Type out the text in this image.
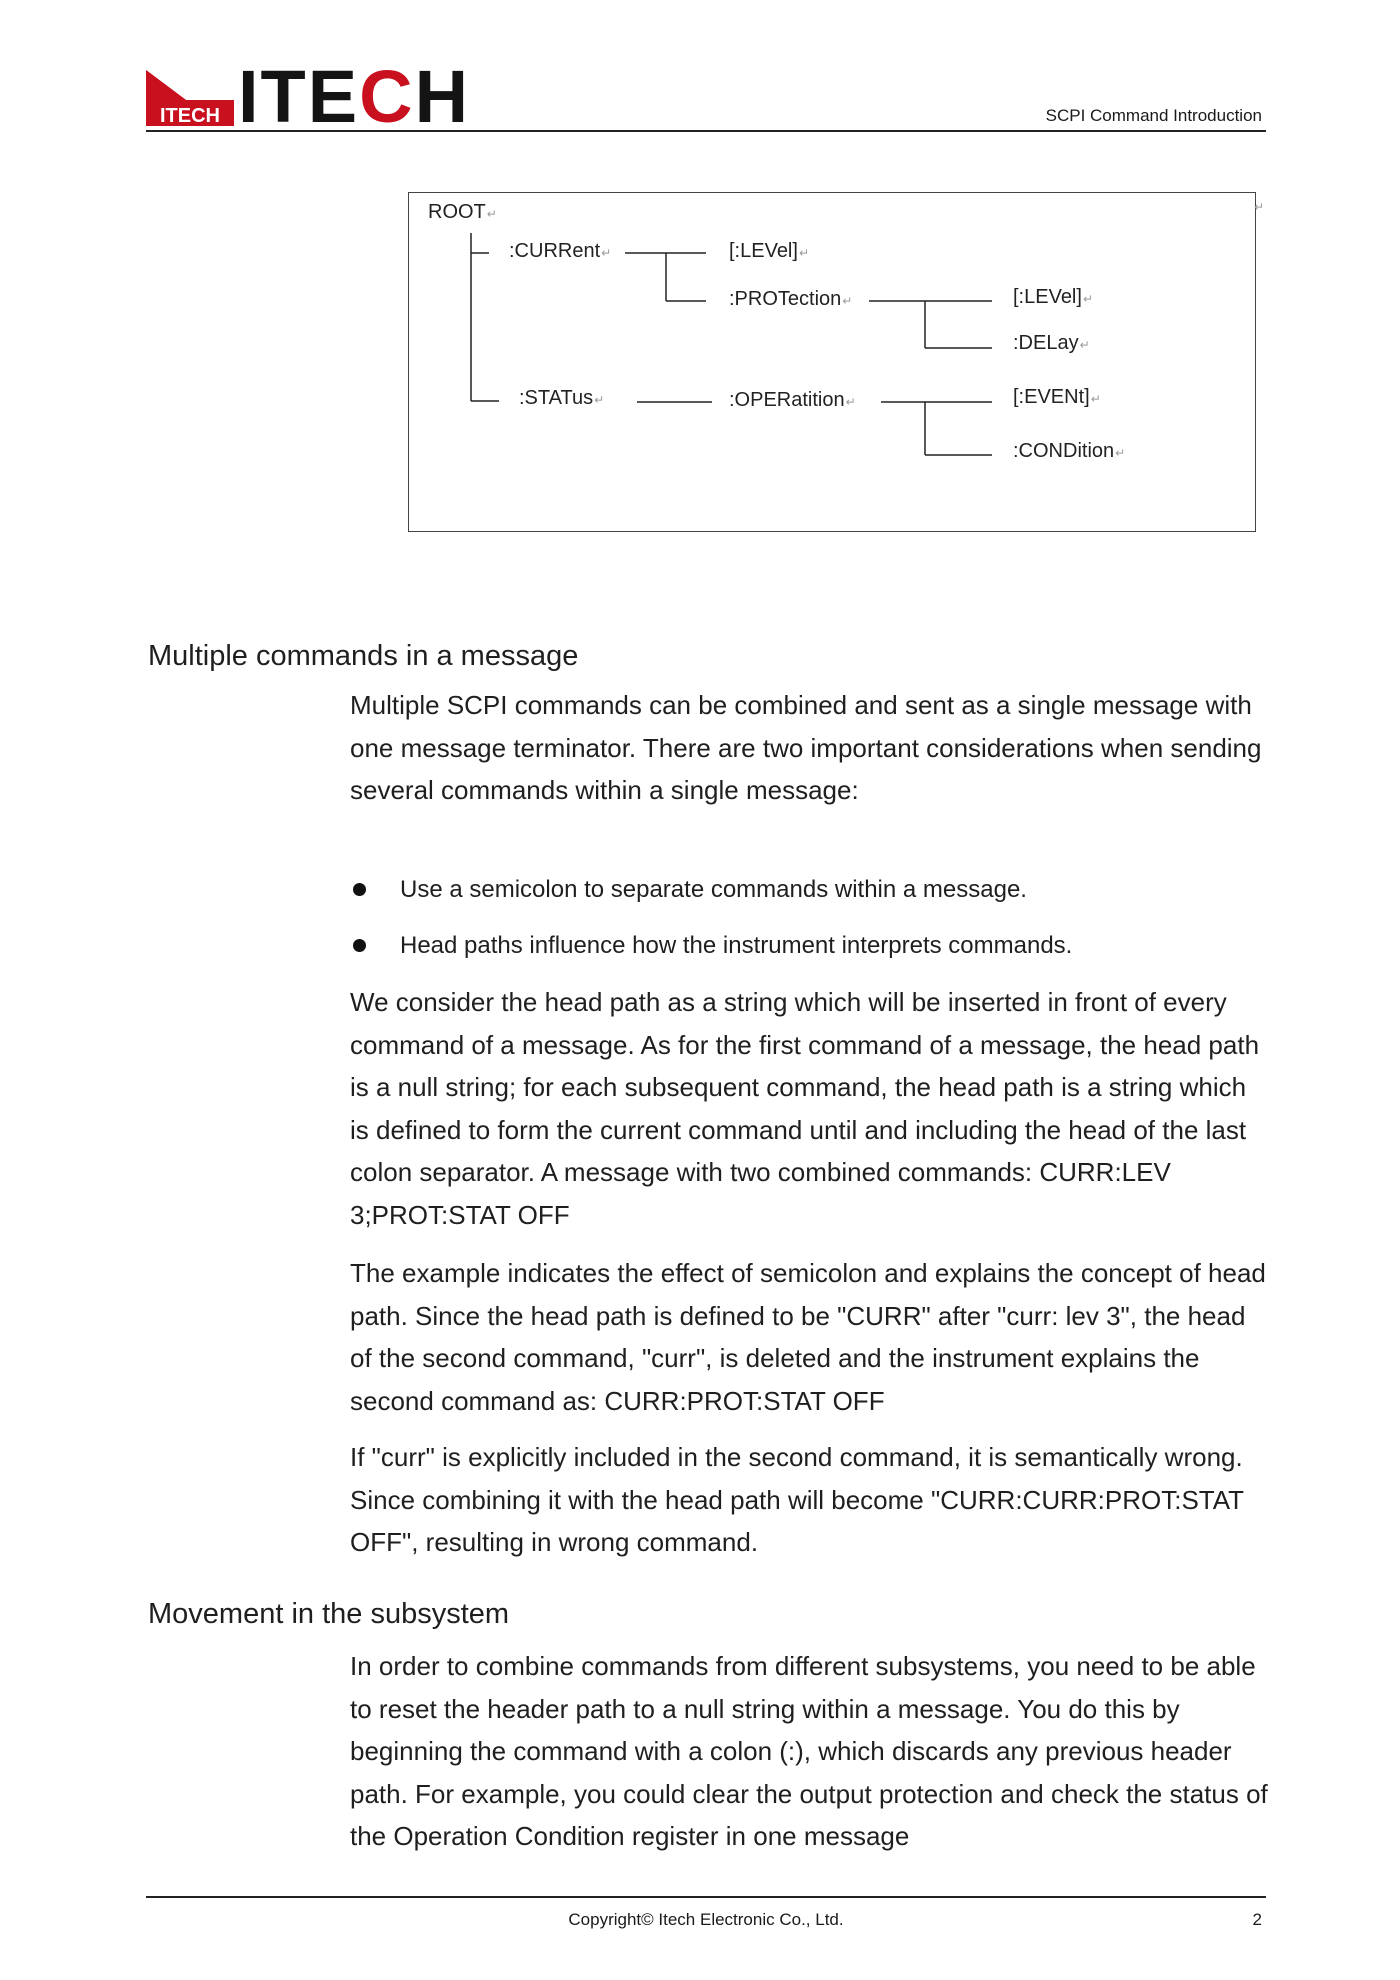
ITECH ITECH	SCPI Command Introduction
ROOT↵
:CURRent↵	[:LEVel]↵
:PROTection↵	[:LEVel]↵
:DELay↵
:STATus↵	:OPERatition↵	[:EVENt]↵
:CONDition↵
↵
Multiple commands in a message

Multiple SCPI commands can be combined and sent as a single message with one message terminator. There are two important considerations when sending several commands within a single message:

Use a semicolon to separate commands within a message.
Head paths influence how the instrument interprets commands.

We consider the head path as a string which will be inserted in front of every command of a message. As for the first command of a message, the head path is a null string; for each subsequent command, the head path is a string which is defined to form the current command until and including the head of the last colon separator. A message with two combined commands: CURR:LEV 3;PROT:STAT OFF

The example indicates the effect of semicolon and explains the concept of head path. Since the head path is defined to be "CURR" after "curr: lev 3", the head of the second command, "curr", is deleted and the instrument explains the second command as: CURR:PROT:STAT OFF

If "curr" is explicitly included in the second command, it is semantically wrong. Since combining it with the head path will become "CURR:CURR:PROT:STAT OFF", resulting in wrong command.

Movement in the subsystem

In order to combine commands from different subsystems, you need to be able to reset the header path to a null string within a message. You do this by beginning the command with a colon (:), which discards any previous header path. For example, you could clear the output protection and check the status of the Operation Condition register in one message

Copyright© Itech Electronic Co., Ltd.	2
